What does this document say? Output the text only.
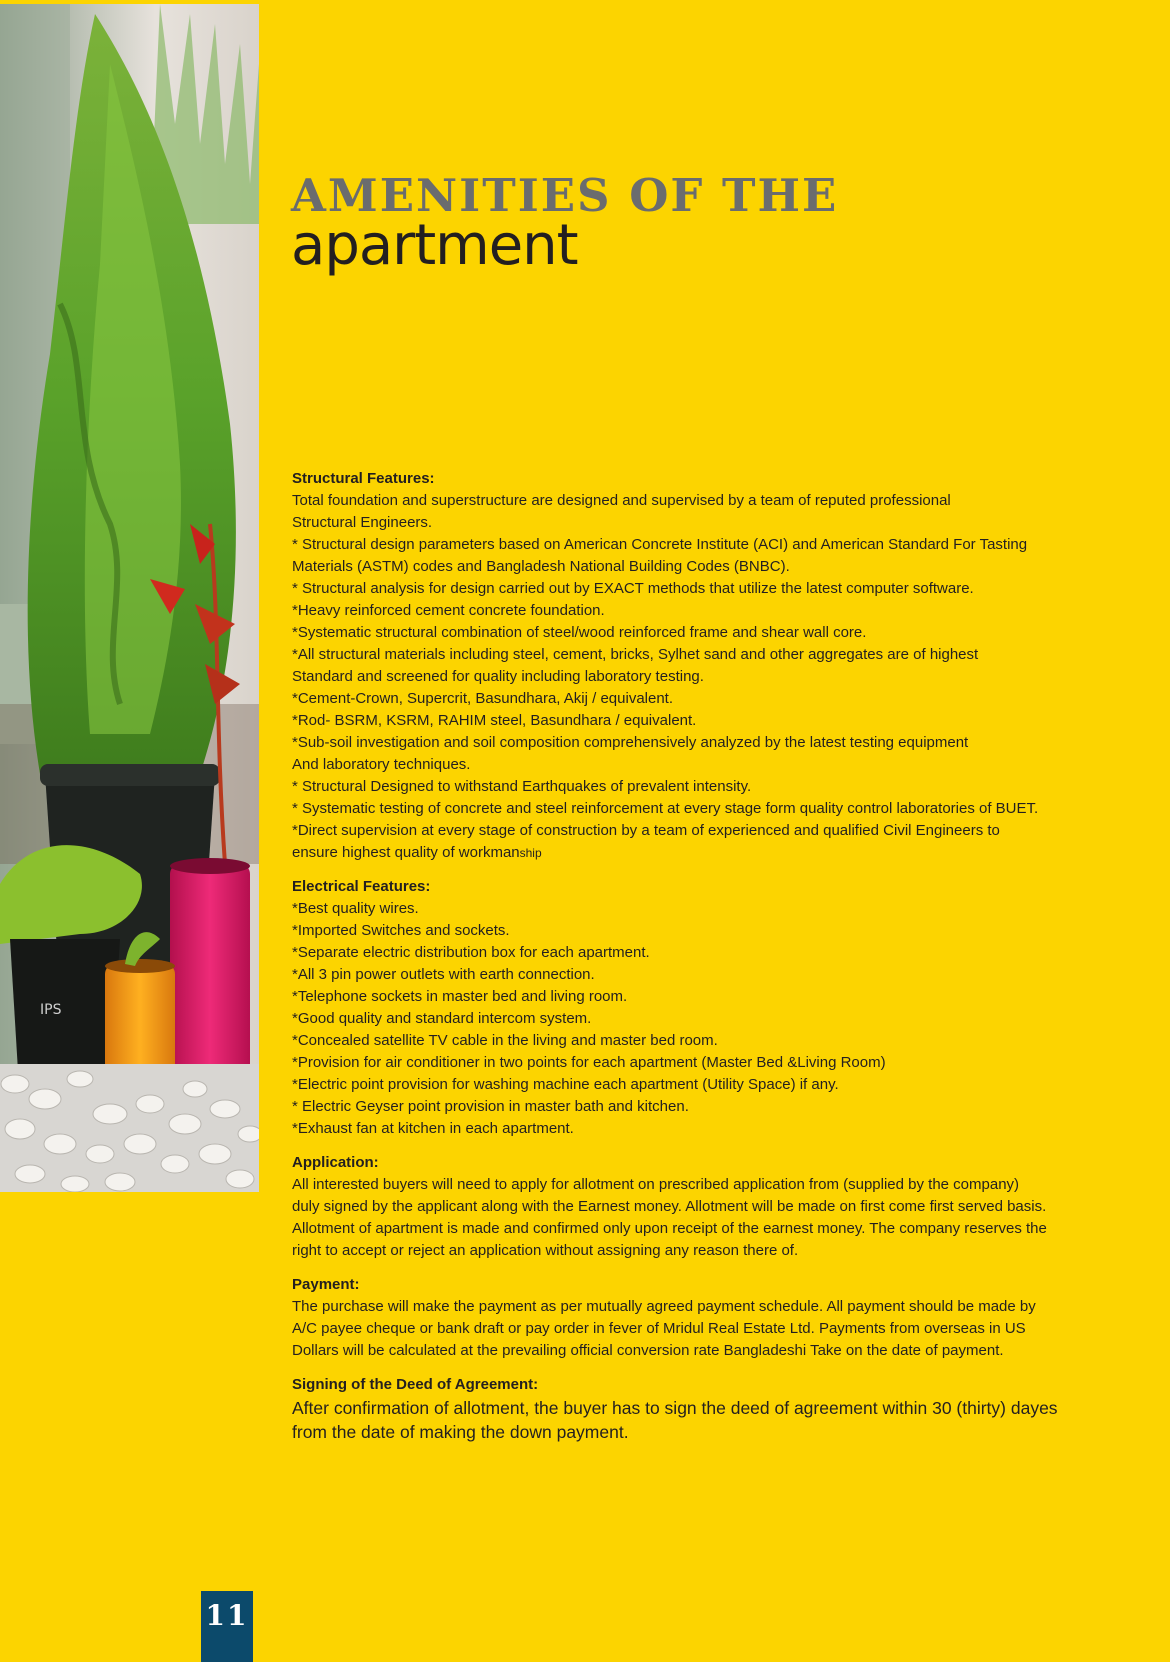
IPS
AMENITIES OF THE
apartment
Structural Features:
Total foundation and superstructure are designed and supervised by a team of reputed professional
Structural Engineers.
* Structural design parameters based on American Concrete Institute (ACI) and American Standard For Tasting
Materials (ASTM) codes and Bangladesh National Building Codes (BNBC).
* Structural analysis for design carried out by EXACT methods that utilize the latest computer software.
*Heavy reinforced cement concrete foundation.
*Systematic structural combination of steel/wood reinforced frame and shear wall core.
*All structural materials including steel, cement, bricks, Sylhet sand and other aggregates are of highest
Standard and screened for quality including laboratory testing.
*Cement-Crown, Supercrit, Basundhara, Akij / equivalent.
*Rod- BSRM, KSRM, RAHIM steel, Basundhara / equivalent.
*Sub-soil investigation and soil composition comprehensively analyzed by the latest testing equipment
And laboratory techniques.
* Structural Designed to withstand Earthquakes of prevalent intensity.
* Systematic testing of concrete and steel reinforcement at every stage form quality control laboratories of BUET.
*Direct supervision at every stage of construction by a team of experienced and qualified Civil Engineers to
ensure highest quality of workmanship
Electrical Features:
*Best quality wires.
*Imported Switches and sockets.
*Separate electric distribution box for each apartment.
*All 3 pin power outlets with earth connection.
*Telephone sockets in master bed and living room.
*Good quality and standard intercom system.
*Concealed satellite TV cable in the living and master bed room.
*Provision for air conditioner in two points for each apartment (Master Bed &Living Room)
*Electric point provision for washing machine each apartment (Utility Space) if any.
* Electric Geyser point provision in master bath and kitchen.
*Exhaust fan at kitchen in each apartment.
Application:
All interested buyers will need to apply for allotment on prescribed application from (supplied by the company)
duly signed by the applicant along with the Earnest money. Allotment will be made on first come first served basis.
Allotment of apartment is made and confirmed only upon receipt of the earnest money. The company reserves the
right to accept or reject an application without assigning any reason there of.
Payment:
The purchase will make the payment as per mutually agreed payment schedule. All payment should be made by
A/C payee cheque or bank draft or pay order in fever of Mridul Real Estate Ltd. Payments from overseas in US
Dollars will be calculated at the prevailing official conversion rate Bangladeshi Take on the date of payment.
Signing of the Deed of Agreement:
After confirmation of allotment, the buyer has to sign the deed of agreement within 30 (thirty) dayes
from the date of making the down payment.
11
